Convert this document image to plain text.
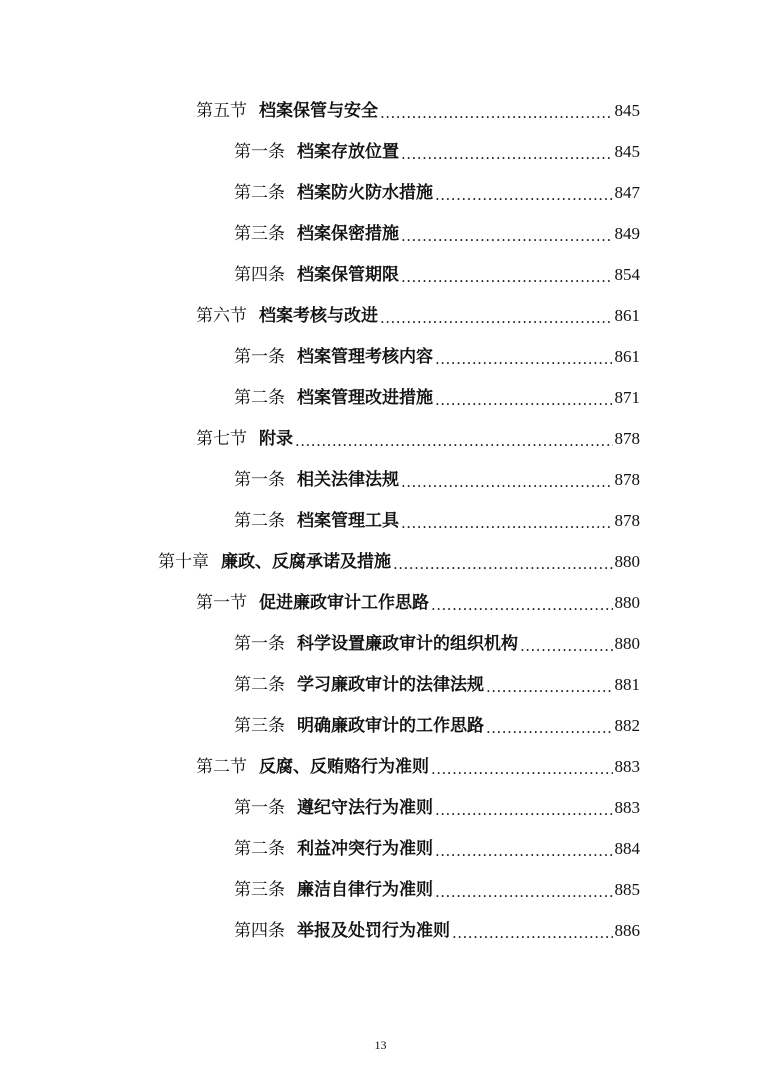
第五节 档案保管与安全 .....	845
第一条 档案存放位置 .....	845
第二条 档案防火防水措施 .....	847
第三条 档案保密措施 .....	849
第四条 档案保管期限 .....	854
第六节 档案考核与改进 .....	861
第一条 档案管理考核内容 .....	861
第二条 档案管理改进措施 .....	871
第七节 附录 .....	878
第一条 相关法律法规 .....	878
第二条 档案管理工具 .....	878
第十章 廉政、反腐承诺及措施 .....	880
第一节 促进廉政审计工作思路 .....	880
第一条 科学设置廉政审计的组织机构 .....	880
第二条 学习廉政审计的法律法规 .....	881
第三条 明确廉政审计的工作思路 .....	882
第二节 反腐、反贿赂行为准则 .....	883
第一条 遵纪守法行为准则 .....	883
第二条 利益冲突行为准则 .....	884
第三条 廉洁自律行为准则 .....	885
第四条 举报及处罚行为准则 .....	886
13
